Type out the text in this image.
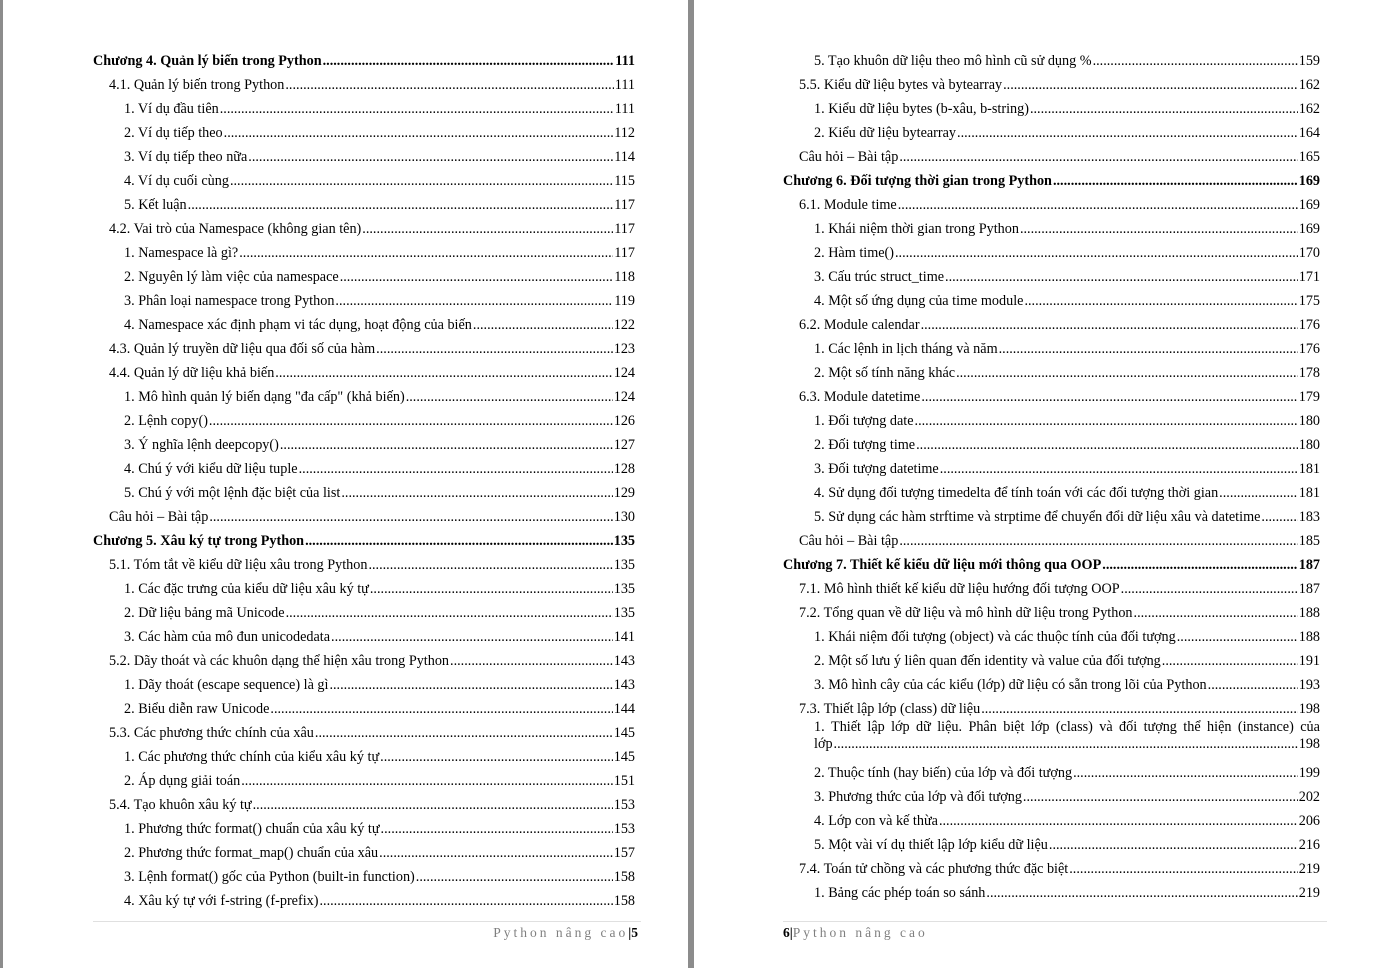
Chương 4. Quản lý biến trong Python .....	111
4.1. Quản lý biến trong Python .....	111
1. Ví dụ đầu tiên .....	111
2. Ví dụ tiếp theo .....	112
3. Ví dụ tiếp theo nữa .....	114
4. Ví dụ cuối cùng .....	115
5. Kết luận .....	117
4.2. Vai trò của Namespace (không gian tên) .....	117
1. Namespace là gì? .....	117
2. Nguyên lý làm việc của namespace .....	118
3. Phân loại namespace trong Python .....	119
4. Namespace xác định phạm vi tác dụng, hoạt động của biến .....	122
4.3. Quản lý truyền dữ liệu qua đối số của hàm .....	123
4.4. Quản lý dữ liệu khả biến .....	124
1. Mô hình quản lý biến dạng "đa cấp" (khả biến) .....	124
2. Lệnh copy() .....	126
3. Ý nghĩa lệnh deepcopy() .....	127
4. Chú ý với kiểu dữ liệu tuple .....	128
5. Chú ý với một lệnh đặc biệt của list .....	129
Câu hỏi – Bài tập .....	130
Chương 5. Xâu ký tự trong Python .....	135
5.1. Tóm tắt về kiểu dữ liệu xâu trong Python .....	135
1. Các đặc trưng của kiểu dữ liệu xâu ký tự .....	135
2. Dữ liệu bảng mã Unicode .....	135
3. Các hàm của mô đun unicodedata .....	141
5.2. Dãy thoát và các khuôn dạng thể hiện xâu trong Python .....	143
1. Dãy thoát (escape sequence) là gì .....	143
2. Biểu diễn raw Unicode .....	144
5.3. Các phương thức chính của xâu .....	145
1. Các phương thức chính của kiểu xâu ký tự .....	145
2. Áp dụng giải toán .....	151
5.4. Tạo khuôn xâu ký tự .....	153
1. Phương thức format() chuẩn của xâu ký tự .....	153
2. Phương thức format_map() chuẩn của xâu .....	157
3. Lệnh format() gốc của Python (built-in function) .....	158
4. Xâu ký tự với f-string (f-prefix) .....	158
Python nâng cao|5
5. Tạo khuôn dữ liệu theo mô hình cũ sử dụng % .....	159
5.5. Kiểu dữ liệu bytes và bytearray .....	162
1. Kiểu dữ liệu bytes (b-xâu, b-string) .....	162
2. Kiểu dữ liệu bytearray .....	164
Câu hỏi – Bài tập .....	165
Chương 6. Đối tượng thời gian trong Python .....	169
6.1. Module time .....	169
1. Khái niệm thời gian trong Python .....	169
2. Hàm time() .....	170
3. Cấu trúc struct_time .....	171
4. Một số ứng dụng của time module .....	175
6.2. Module calendar .....	176
1. Các lệnh in lịch tháng và năm .....	176
2. Một số tính năng khác .....	178
6.3. Module datetime .....	179
1. Đối tượng date .....	180
2. Đối tượng time .....	180
3. Đối tượng datetime .....	181
4. Sử dụng đối tượng timedelta để tính toán với các đối tượng thời gian .....	181
5. Sử dụng các hàm strftime và strptime để chuyển đổi dữ liệu xâu và datetime .....	183
Câu hỏi – Bài tập .....	185
Chương 7. Thiết kế kiểu dữ liệu mới thông qua OOP .....	187
7.1. Mô hình thiết kế kiểu dữ liệu hướng đối tượng OOP .....	187
7.2. Tổng quan về dữ liệu và mô hình dữ liệu trong Python .....	188
1. Khái niệm đối tượng (object) và các thuộc tính của đối tượng .....	188
2. Một số lưu ý liên quan đến identity và value của đối tượng .....	191
3. Mô hình cây của các kiểu (lớp) dữ liệu có sẵn trong lõi của Python .....	193
7.3. Thiết lập lớp (class) dữ liệu .....	198
1. Thiết lập lớp dữ liệu. Phân biệt lớp (class) và đối tượng thể hiện (instance) của
lớp .....	198
2. Thuộc tính (hay biến) của lớp và đối tượng .....	199
3. Phương thức của lớp và đối tượng .....	202
4. Lớp con và kế thừa .....	206
5. Một vài ví dụ thiết lập lớp kiểu dữ liệu .....	216
7.4. Toán tử chồng và các phương thức đặc biệt .....	219
1. Bảng các phép toán so sánh .....	219
6|Python nâng cao
